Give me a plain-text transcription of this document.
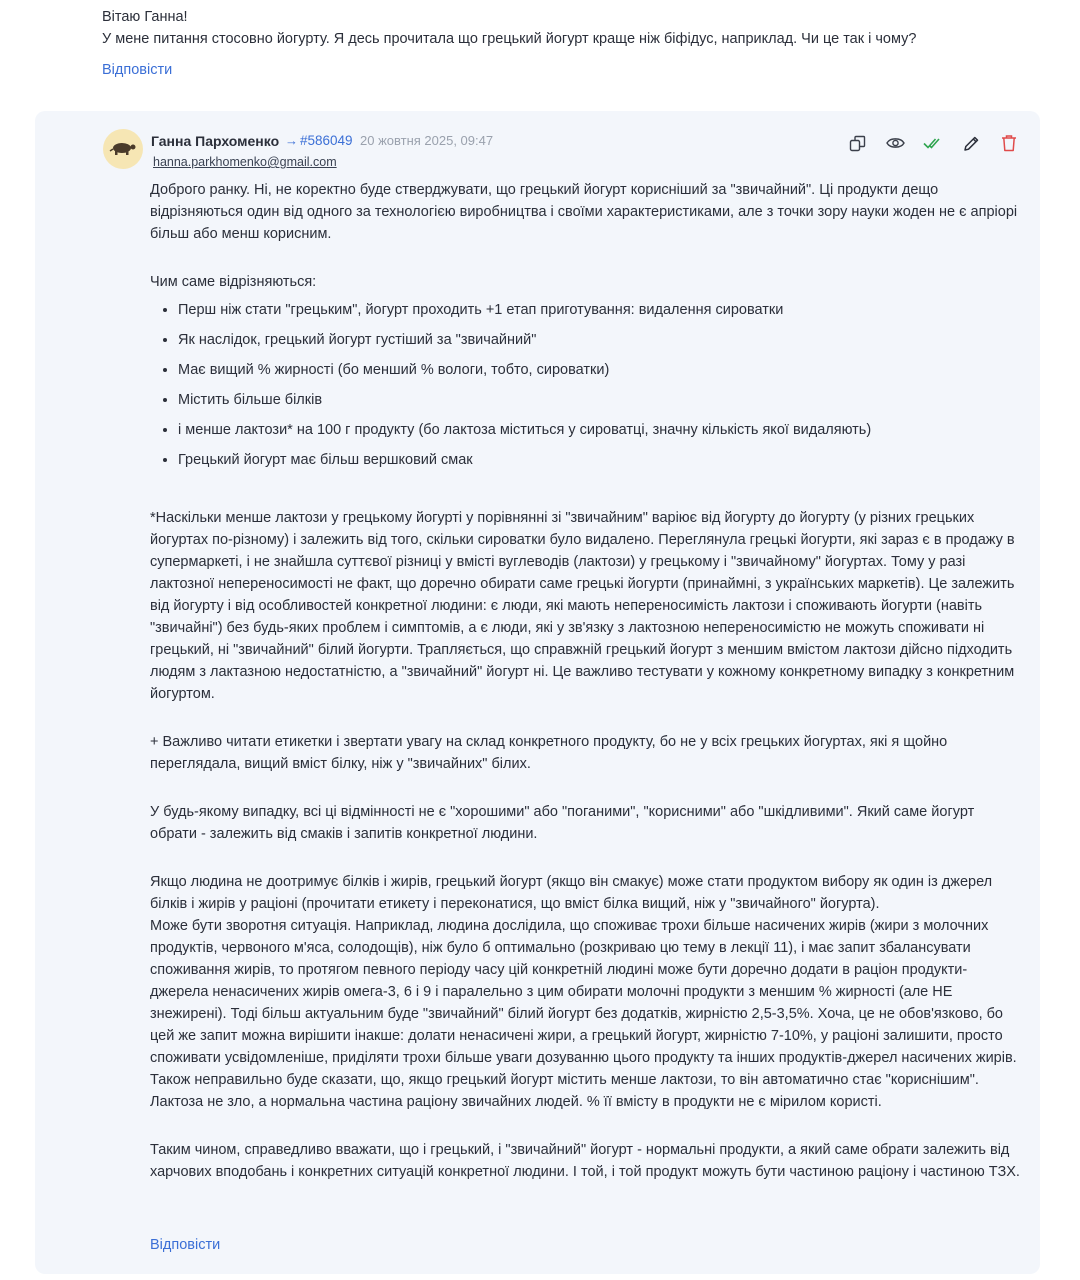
Вітаю Ганна!
У мене питання стосовно йогурту. Я десь прочитала що грецький йогурт краще ніж біфідус, наприклад. Чи це так і чому?
Відповісти
Ганна Пархоменко → #586049 20 жовтня 2025, 09:47
hanna.parkhomenko@gmail.com

Доброго ранку. Ні, не коректно буде стверджувати, що грецький йогурт корисніший за "звичайний". Ці продукти дещо відрізняються один від одного за технологією виробництва і своїми характеристиками, але з точки зору науки жоден не є апріорі більш або менш корисним.

Чим саме відрізняються:

• Перш ніж стати "грецьким", йогурт проходить +1 етап приготування: видалення сироватки
• Як наслідок, грецький йогурт густіший за "звичайний"
• Має вищий % жирності (бо менший % вологи, тобто, сироватки)
• Містить більше білків
• і менше лактози* на 100 г продукту (бо лактоза міститься у сироватці, значну кількість якої видаляють)
• Грецький йогурт має більш вершковий смак

*Наскільки менше лактози у грецькому йогурті у порівнянні зі "звичайним" варіює від йогурту до йогурту (у різних грецьких йогуртах по-різному) і залежить від того, скільки сироватки було видалено. Переглянула грецькі йогурти, які зараз є в продажу в супермаркеті, і не знайшла суттєвої різниці у вмісті вуглеводів (лактози) у грецькому і "звичайному" йогуртах. Тому у разі лактозної непереносимості не факт, що доречно обирати саме грецькі йогурти (принаймні, з українських маркетів). Це залежить від йогурту і від особливостей конкретної людини: є люди, які мають непереносимість лактози і споживають йогурти (навіть "звичайні") без будь-яких проблем і симптомів, а є люди, які у зв'язку з лактозною непереносимістю не можуть споживати ні грецький, ні "звичайний" білий йогурти. Трапляється, що справжній грецький йогурт з меншим вмістом лактози дійсно підходить людям з лактазною недостатністю, а "звичайний" йогурт ні. Це важливо тестувати у кожному конкретному випадку з конкретним йогуртом.

+ Важливо читати етикетки і звертати увагу на склад конкретного продукту, бо не у всіх грецьких йогуртах, які я щойно переглядала, вищий вміст білку, ніж у "звичайних" білих.

У будь-якому випадку, всі ці відмінності не є "хорошими" або "поганими", "корисними" або "шкідливими". Який саме йогурт обрати - залежить від смаків і запитів конкретної людини.

Якщо людина не доотримує білків і жирів, грецький йогурт (якщо він смакує) може стати продуктом вибору як один із джерел білків і жирів у раціоні (прочитати етикету і переконатися, що вміст білка вищий, ніж у "звичайного" йогурта).

Може бути зворотня ситуація. Наприклад, людина дослідила, що споживає трохи більше насичених жирів (жири з молочних продуктів, червоного м'яса, солодощів), ніж було б оптимально (розкриваю цю тему в лекції 11), і має запит збалансувати споживання жирів, то протягом певного періоду часу цій конкретній людині може бути доречно додати в раціон продукти-джерела ненасичених жирів омега-3, 6 і 9 і паралельно з цим обирати молочні продукти з меншим % жирності (але НЕ знежирені). Тоді більш актуальним буде "звичайний" білий йогурт без додатків, жирністю 2,5-3,5%. Хоча, це не обов'язково, бо цей же запит можна вирішити інакше: долати ненасичені жири, а грецький йогурт, жирністю 7-10%, у раціоні залишити, просто споживати усвідомленіше, приділяти трохи більше уваги дозуванню цього продукту та інших продуктів-джерел насичених жирів.

Також неправильно буде сказати, що, якщо грецький йогурт містить менше лактози, то він автоматично стає "кориснішим". Лактоза не зло, а нормальна частина раціону звичайних людей. % її вмісту в продукти не є мірилом користі.

Таким чином, справедливо вважати, що і грецький, і "звичайний" йогурт - нормальні продукти, а який саме обрати залежить від харчових вподобань і конкретних ситуацій конкретної людини. І той, і той продукт можуть бути частиною раціону і частиною ТЗХ.

Відповісти
